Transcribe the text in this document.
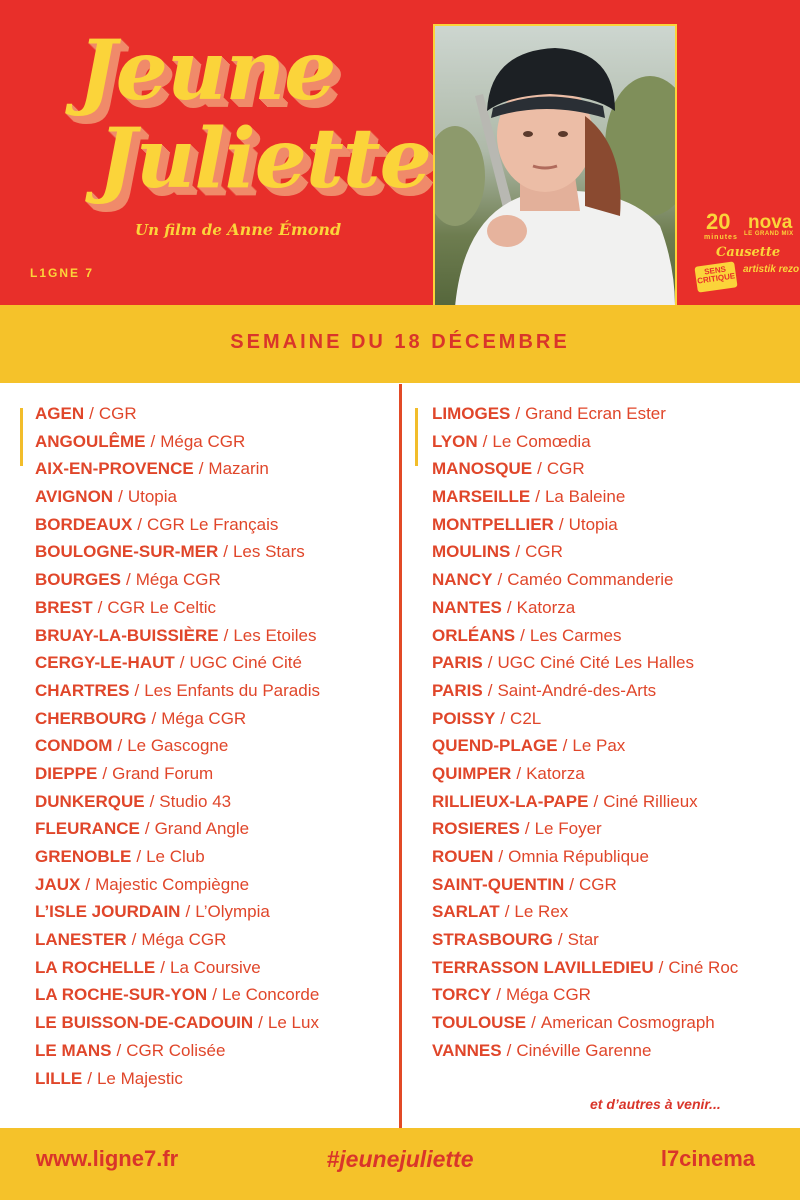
Jeune
Juliette
Un film de Anne Émond
L1GNE 7
20
minutes
nova
LE GRAND MIX
Causette
SENS CRITIQUE
artistik rezo
SEMAINE DU 18 DÉCEMBRE
AGEN / CGR
ANGOULÊME / Méga CGR
AIX-EN-PROVENCE / Mazarin
AVIGNON / Utopia
BORDEAUX / CGR Le Français
BOULOGNE-SUR-MER / Les Stars
BOURGES / Méga CGR
BREST / CGR Le Celtic
BRUAY-LA-BUISSIÈRE / Les Etoiles
CERGY-LE-HAUT / UGC Ciné Cité
CHARTRES / Les Enfants du Paradis
CHERBOURG / Méga CGR
CONDOM / Le Gascogne
DIEPPE / Grand Forum
DUNKERQUE / Studio 43
FLEURANCE / Grand Angle
GRENOBLE / Le Club
JAUX / Majestic Compiègne
L’ISLE JOURDAIN / L’Olympia
LANESTER / Méga CGR
LA ROCHELLE / La Coursive
LA ROCHE-SUR-YON / Le Concorde
LE BUISSON-DE-CADOUIN / Le Lux
LE MANS / CGR Colisée
LILLE / Le Majestic
LIMOGES / Grand Ecran Ester
LYON / Le Comœdia
MANOSQUE / CGR
MARSEILLE / La Baleine
MONTPELLIER / Utopia
MOULINS / CGR
NANCY / Caméo Commanderie
NANTES / Katorza
ORLÉANS / Les Carmes
PARIS / UGC Ciné Cité Les Halles
PARIS / Saint-André-des-Arts
POISSY / C2L
QUEND-PLAGE / Le Pax
QUIMPER / Katorza
RILLIEUX-LA-PAPE / Ciné Rillieux
ROSIERES / Le Foyer
ROUEN / Omnia République
SAINT-QUENTIN / CGR
SARLAT / Le Rex
STRASBOURG / Star
TERRASSON LAVILLEDIEU / Ciné Roc
TORCY / Méga CGR
TOULOUSE / American Cosmograph
VANNES / Cinéville Garenne
et d’autres à venir...
www.ligne7.fr	#jeunejuliette	l7cinema
